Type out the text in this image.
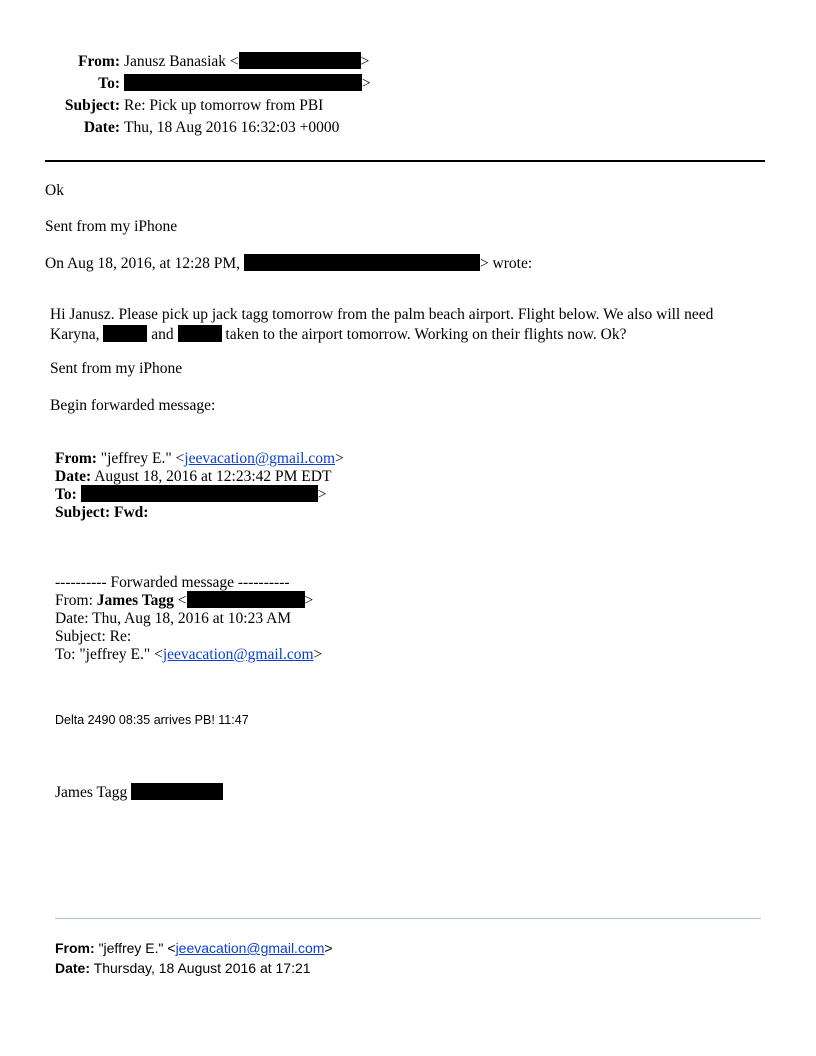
From: Janusz Banasiak <	>
To:	>
Subject: Re: Pick up tomorrow from PBI
Date: Thu, 18 Aug 2016 16:32:03 +0000
Ok
Sent from my iPhone
On Aug 18, 2016, at 12:28 PM,	> wrote:
Hi Janusz. Please pick up jack tagg tomorrow from the palm beach airport. Flight below. We also will need
Karyna,	and	taken to the airport tomorrow. Working on their flights now. Ok?
Sent from my iPhone
Begin forwarded message:
From: "jeffrey E." <jeevacation@gmail.com>
Date: August 18, 2016 at 12:23:42 PM EDT
To:	>
Subject: Fwd:
---------- Forwarded message ----------
From: James Tagg <	>
Date: Thu, Aug 18, 2016 at 10:23 AM
Subject: Re:
To: "jeffrey E." <jeevacation@gmail.com>
Delta 2490 08:35 arrives PB! 11:47
James Tagg
From: "jeffrey E." <jeevacation@gmail.com>
Date: Thursday, 18 August 2016 at 17:21
